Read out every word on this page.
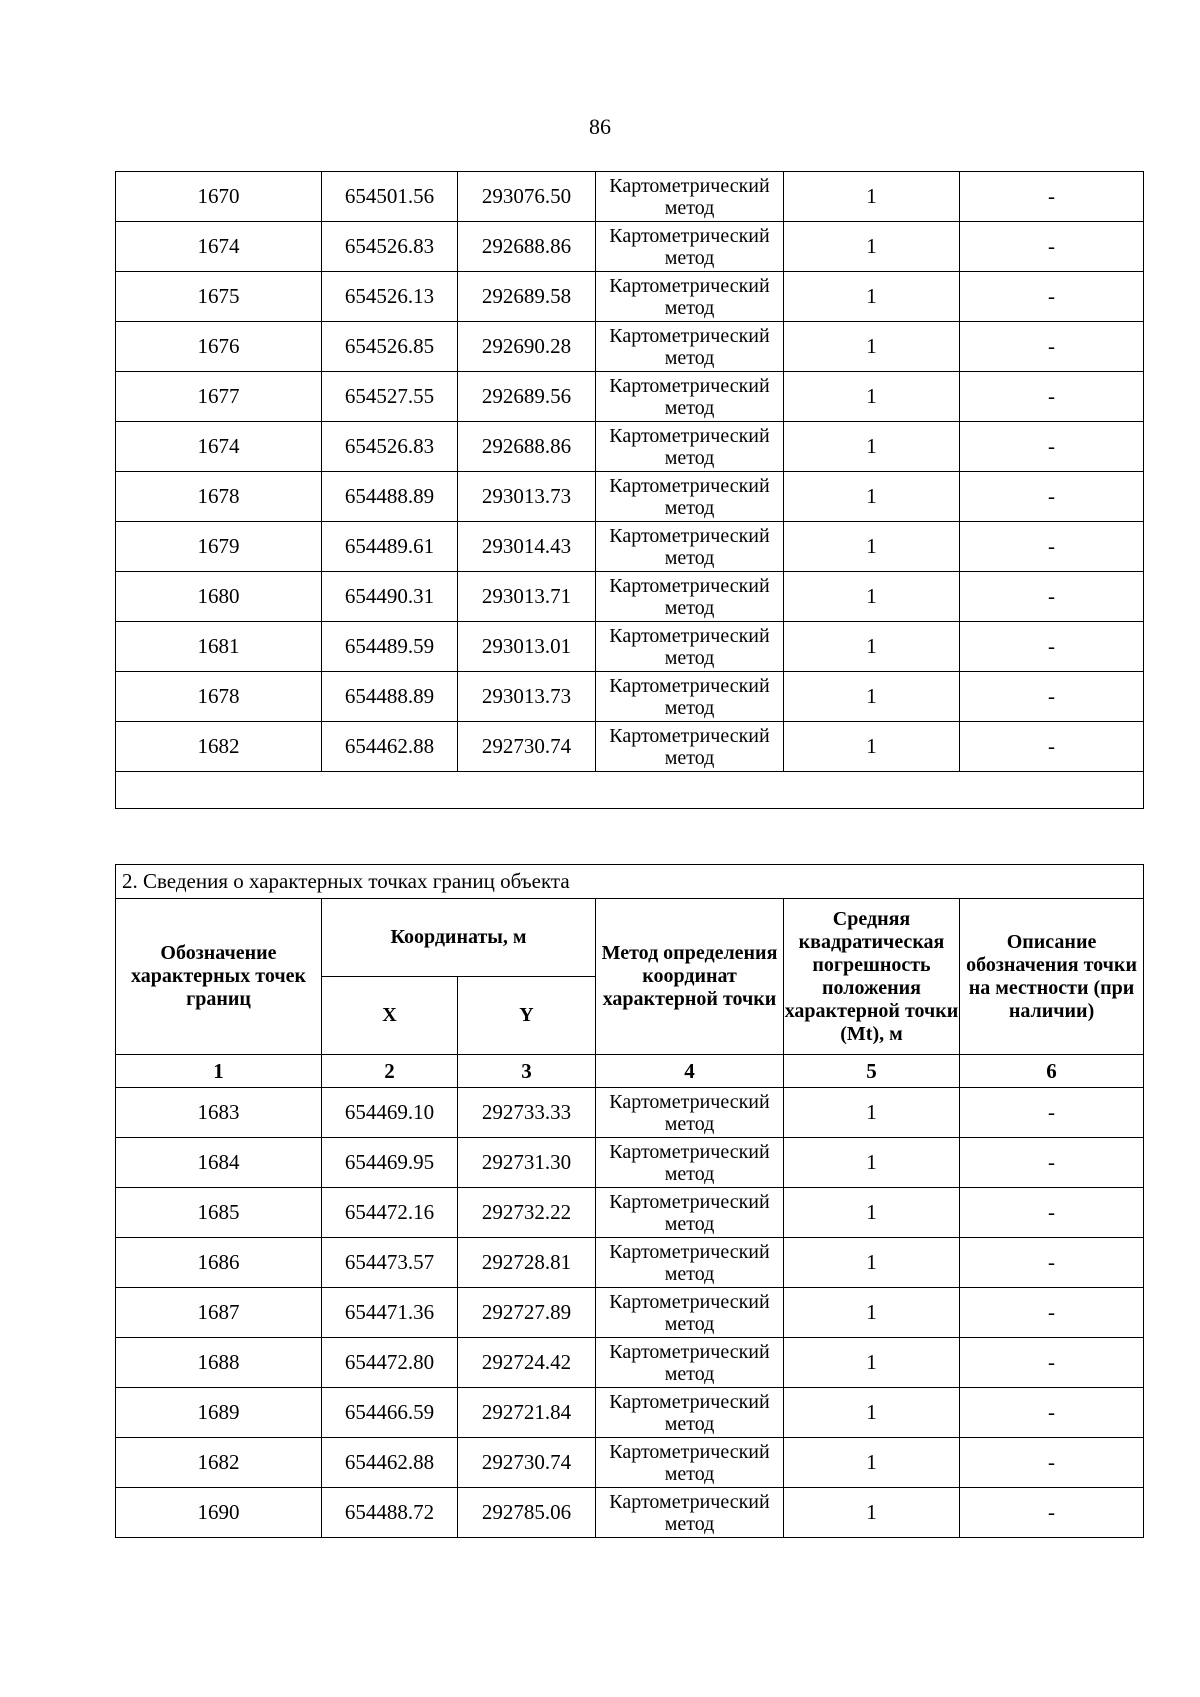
86
1670	654501.56	293076.50	Картометрический метод	1	-
1674	654526.83	292688.86	Картометрический метод	1	-
1675	654526.13	292689.58	Картометрический метод	1	-
1676	654526.85	292690.28	Картометрический метод	1	-
1677	654527.55	292689.56	Картометрический метод	1	-
1674	654526.83	292688.86	Картометрический метод	1	-
1678	654488.89	293013.73	Картометрический метод	1	-
1679	654489.61	293014.43	Картометрический метод	1	-
1680	654490.31	293013.71	Картометрический метод	1	-
1681	654489.59	293013.01	Картометрический метод	1	-
1678	654488.89	293013.73	Картометрический метод	1	-
1682	654462.88	292730.74	Картометрический метод	1	-

2. Сведения о характерных точках границ объекта					
Обозначение характерных точек границ	Координаты, м		Метод определения координат характерной точки	Средняя квадратическая погрешность положения характерной точки (Mt), м	Описание обозначения точки на местности (при наличии)
	X	Y			
1	2	3	4	5	6
1683	654469.10	292733.33	Картометрический метод	1	-
1684	654469.95	292731.30	Картометрический метод	1	-
1685	654472.16	292732.22	Картометрический метод	1	-
1686	654473.57	292728.81	Картометрический метод	1	-
1687	654471.36	292727.89	Картометрический метод	1	-
1688	654472.80	292724.42	Картометрический метод	1	-
1689	654466.59	292721.84	Картометрический метод	1	-
1682	654462.88	292730.74	Картометрический метод	1	-
1690	654488.72	292785.06	Картометрический метод	1	-
